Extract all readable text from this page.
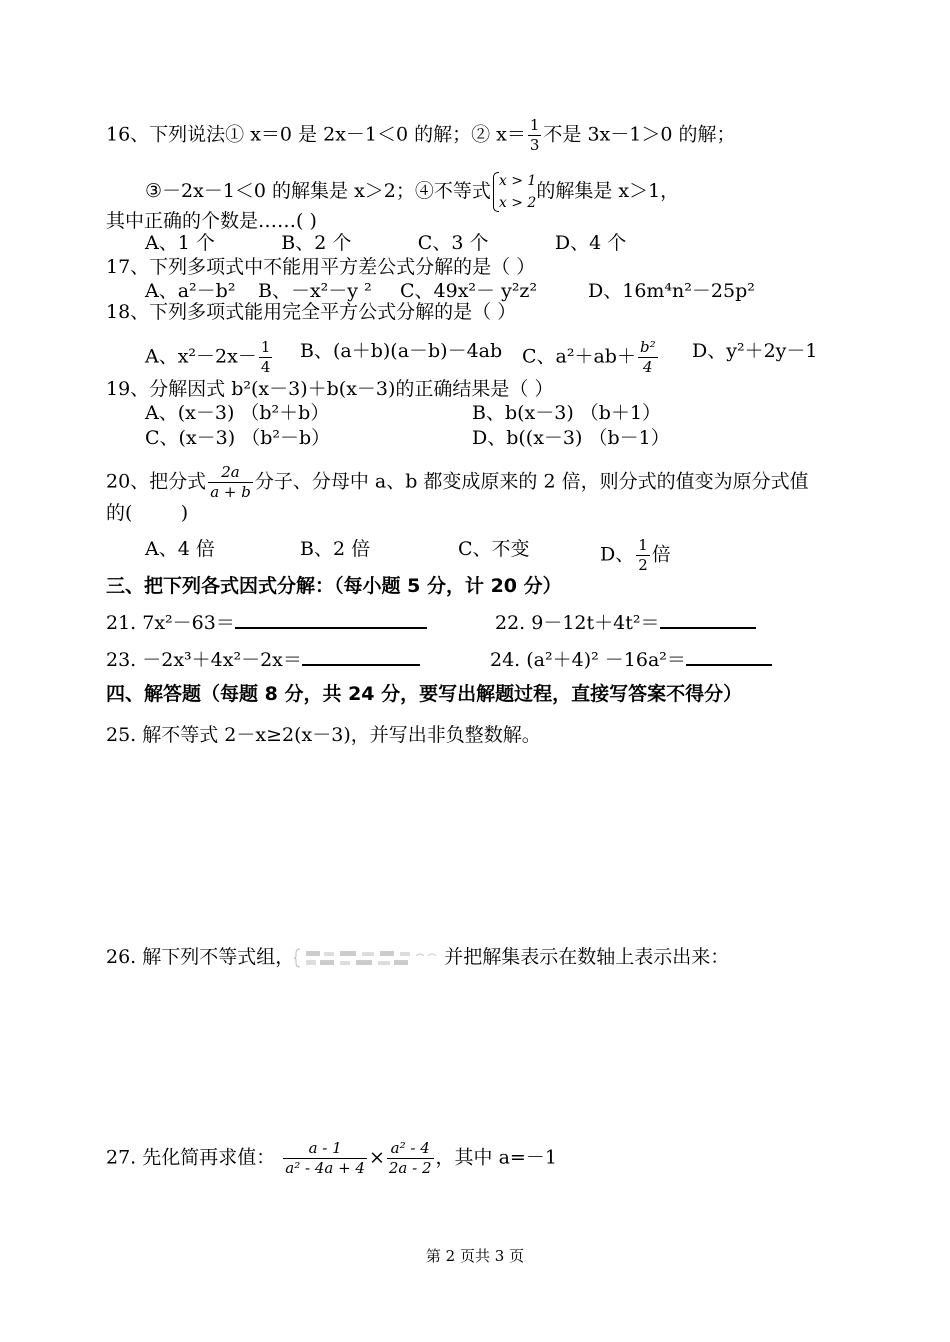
16、下列说法① x＝0 是 2x－1＜0 的解；② $x= \frac{1}{3}$ 不是 3x－1＞0 的解；
③－2x－1＜0 的解集是 x＞2；④不等式 x > 1
x > 2
的解集是 x＞1，
其中正确的个数是……( )
A、1 个           B、2 个           C、3 个           D、4 个
17、下列多项式中不能用平方差公式分解的是（ ）
A、a²－b² B、－x²－y ² C、49x²－ y²z²	D、16m⁴n²－25p²
18、下列多项式能用完全平方公式分解的是（ ）
A、$x^2-2x- \frac{1}{4}$ B、(a＋b)(a－b)－4ab C、$a^2+ab+ \frac{\text{b²}}{4}$ D、y²＋2y－1
19、分解因式 b²(x－3)＋b(x－3)的正确结果是（ ）
A、(x－3) （b²＋b）	B、b(x－3) （b＋1）
C、(x－3) （b²－b）	D、b((x－3) （b－1）
20、把分式 $\frac{2a}{a + b}$ 分子、分母中 a、b 都变成原来的 2 倍，则分式的值变为原分式值
的(        )
A、4 倍	B、2 倍	C、不变	D、 $\frac{1}{2}$ 倍
三、把下列各式因式分解：（每小题 5 分，计 20 分）
21. 7x²－63＝	22. 9－12t＋4t²＝
23. －2x³＋4x²－2x＝	24. (a²＋4)² －16a²＝
四、解答题（每题 8 分，共 24 分，要写出解题过程，直接写答案不得分）
25. 解不等式 2－x≥2(x－3)，并写出非负整数解。
26. 解下列不等式组，	并把解集表示在数轴上表示出来：
27. 先化简再求值： $\frac{a - 1}{\text{a² - 4a + 4}} \times \frac{\text{a² - 4}}{2a - 2}$ ，其中 a=－1
第 2 页共 3 页
